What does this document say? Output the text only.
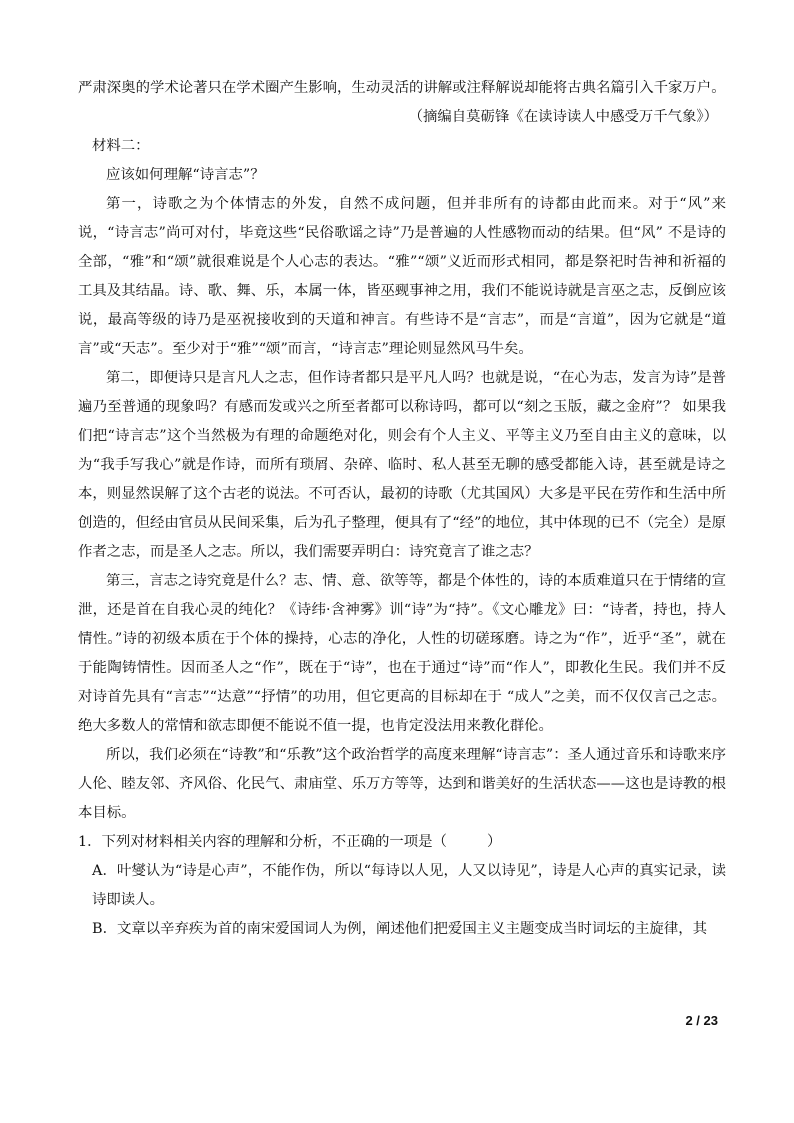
严肃深奥的学术论著只在学术圈产生影响，生动灵活的讲解或注释解说却能将古典名篇引入千家万户。

（摘编自莫砺锋《在读诗读人中感受万千气象》）

材料二：

应该如何理解“诗言志”？

第一，诗歌之为个体情志的外发，自然不成问题，但并非所有的诗都由此而来。对于“风”来说，“诗言志”尚可对付，毕竟这些“民俗歌谣之诗”乃是普遍的人性感物而动的结果。但“风” 不是诗的全部，“雅”和“颂”就很难说是个人心志的表达。“雅”“颂”义近而形式相同，都是祭祀时告神和祈福的工具及其结晶。诗、歌、舞、乐，本属一体，皆巫觋事神之用，我们不能说诗就是言巫之志，反倒应该说，最高等级的诗乃是巫祝接收到的天道和神言。有些诗不是“言志”，而是“言道”，因为它就是“道言”或“天志”。至少对于“雅”“颂”而言，“诗言志”理论则显然风马牛矣。

第二，即便诗只是言凡人之志，但作诗者都只是平凡人吗？也就是说，“在心为志，发言为诗”是普遍乃至普通的现象吗？有感而发或兴之所至者都可以称诗吗，都可以“刻之玉版，藏之金府”？ 如果我们把“诗言志”这个当然极为有理的命题绝对化，则会有个人主义、平等主义乃至自由主义的意味，以为“我手写我心”就是作诗，而所有琐屑、杂碎、临时、私人甚至无聊的感受都能入诗，甚至就是诗之本，则显然误解了这个古老的说法。不可否认，最初的诗歌（尤其国风）大多是平民在劳作和生活中所创造的，但经由官员从民间采集，后为孔子整理，便具有了“经”的地位，其中体现的已不（完全）是原作者之志，而是圣人之志。所以，我们需要弄明白：诗究竟言了谁之志？

第三，言志之诗究竟是什么？志、情、意、欲等等，都是个体性的，诗的本质难道只在于情绪的宣泄，还是首在自我心灵的纯化？《诗纬·含神雾》训“诗”为“持”。《文心雕龙》曰：“诗者，持也，持人情性。”诗的初级本质在于个体的操持，心志的净化，人性的切磋琢磨。诗之为“作”，近乎“圣”，就在于能陶铸情性。因而圣人之“作”，既在于“诗”，也在于通过“诗”而“作人”，即教化生民。我们并不反对诗首先具有“言志”“达意”“抒情”的功用，但它更高的目标却在于 “成人”之美，而不仅仅言己之志。绝大多数人的常情和欲志即便不能说不值一提，也肯定没法用来教化群伦。

所以，我们必须在“诗教”和“乐教”这个政治哲学的高度来理解“诗言志”：圣人通过音乐和诗歌来序人伦、睦友邻、齐风俗、化民气、肃庙堂、乐万方等等，达到和谐美好的生活状态——这也是诗教的根本目标。

1．下列对材料相关内容的理解和分析，不正确的一项是（	）

A．叶燮认为“诗是心声”，不能作伪，所以“每诗以人见，人又以诗见”，诗是人心声的真实记录，读诗即读人。

B．文章以辛弃疾为首的南宋爱国词人为例，阐述他们把爱国主义主题变成当时词坛的主旋律，其

2 / 23
